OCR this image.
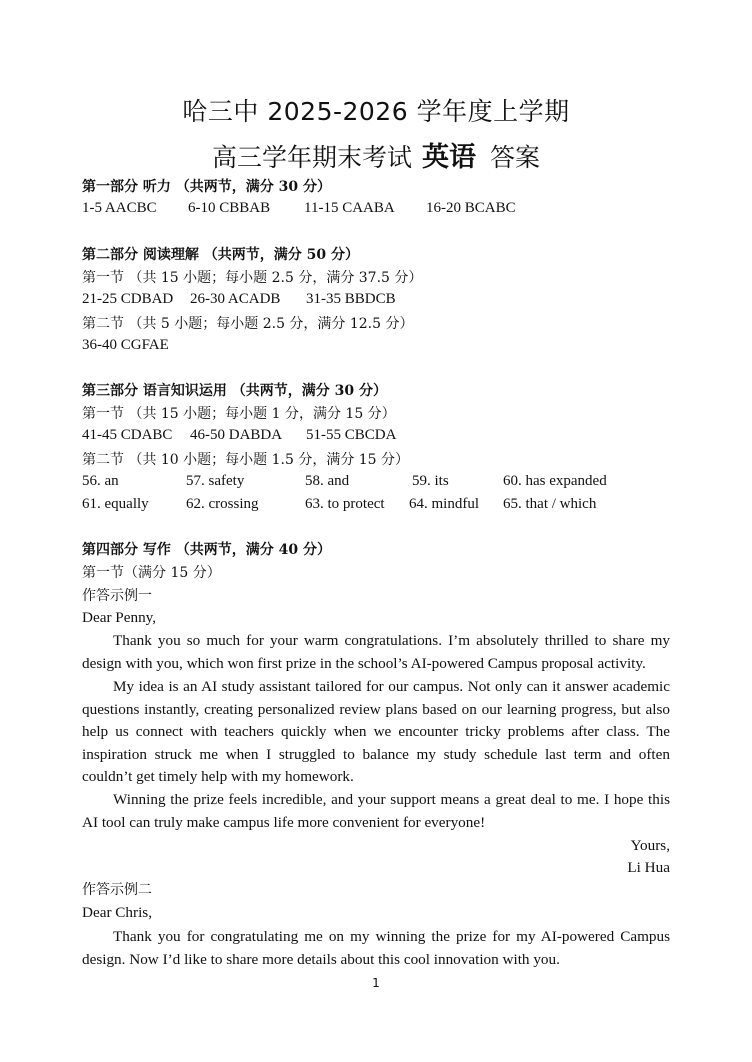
哈三中 2025-2026 学年度上学期
高三学年期末考试 英语 答案
第一部分 听力 （共两节，满分 30 分）
1-5 AACBC 6-10 CBBAB 11-15 CAABA 16-20 BCABC
第二部分 阅读理解 （共两节，满分 50 分）
第一节 （共 15 小题；每小题 2.5 分，满分 37.5 分）
21-25 CDBAD 26-30 ACADB 31-35 BBDCB
第二节 （共 5 小题；每小题 2.5 分，满分 12.5 分）
36-40 CGFAE
第三部分 语言知识运用 （共两节，满分 30 分）
第一节 （共 15 小题；每小题 1 分，满分 15 分）
41-45 CDABC 46-50 DABDA 51-55 CBCDA
第二节 （共 10 小题；每小题 1.5 分，满分 15 分）
56. an	57. safety	58. and	59. its	60. has expanded
61. equally 62. crossing	63. to protect 64. mindful 65. that / which
第四部分 写作 （共两节，满分 40 分）
第一节（满分 15 分）
作答示例一
Dear Penny,
Thank you so much for your warm congratulations. I’m absolutely thrilled to share my design with you, which won first prize in the school’s AI-powered Campus proposal activity.
My idea is an AI study assistant tailored for our campus. Not only can it answer academic questions instantly, creating personalized review plans based on our learning progress, but also help us connect with teachers quickly when we encounter tricky problems after class. The inspiration struck me when I struggled to balance my study schedule last term and often couldn’t get timely help with my homework.
Winning the prize feels incredible, and your support means a great deal to me. I hope this AI tool can truly make campus life more convenient for everyone!
Yours,
Li Hua
作答示例二
Dear Chris,
Thank you for congratulating me on my winning the prize for my AI-powered Campus design. Now I’d like to share more details about this cool innovation with you.
1
